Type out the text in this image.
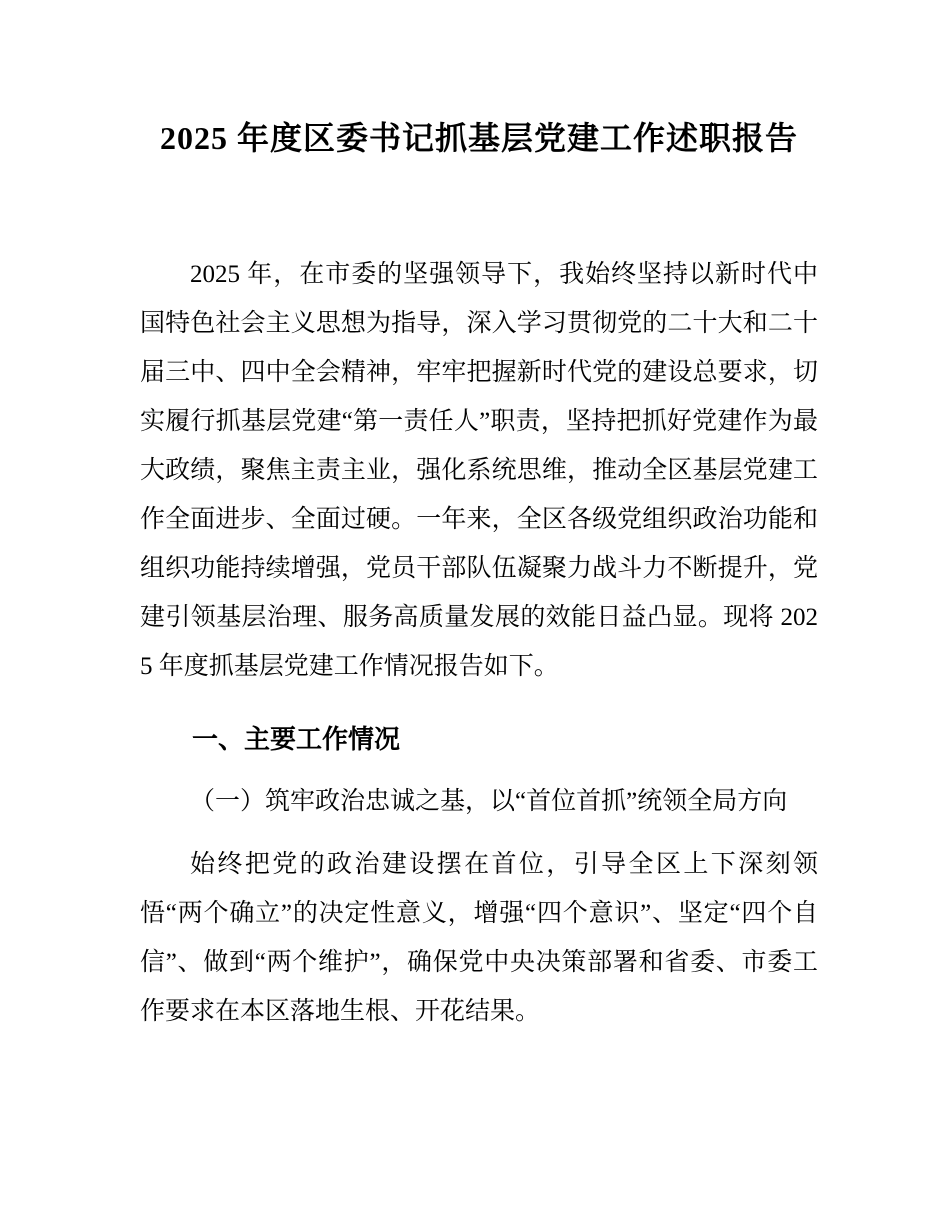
2025 年度区委书记抓基层党建工作述职报告

2025 年，在市委的坚强领导下，我始终坚持以新时代中国特色社会主义思想为指导，深入学习贯彻党的二十大和二十届三中、四中全会精神，牢牢把握新时代党的建设总要求，切实履行抓基层党建“第一责任人”职责，坚持把抓好党建作为最大政绩，聚焦主责主业，强化系统思维，推动全区基层党建工作全面进步、全面过硬。一年来，全区各级党组织政治功能和组织功能持续增强，党员干部队伍凝聚力战斗力不断提升，党建引领基层治理、服务高质量发展的效能日益凸显。现将 2025 年度抓基层党建工作情况报告如下。

一、主要工作情况
（一）筑牢政治忠诚之基，以“首位首抓”统领全局方向

始终把党的政治建设摆在首位，引导全区上下深刻领悟“两个确立”的决定性意义，增强“四个意识”、坚定“四个自信”、做到“两个维护”，确保党中央决策部署和省委、市委工作要求在本区落地生根、开花结果。
